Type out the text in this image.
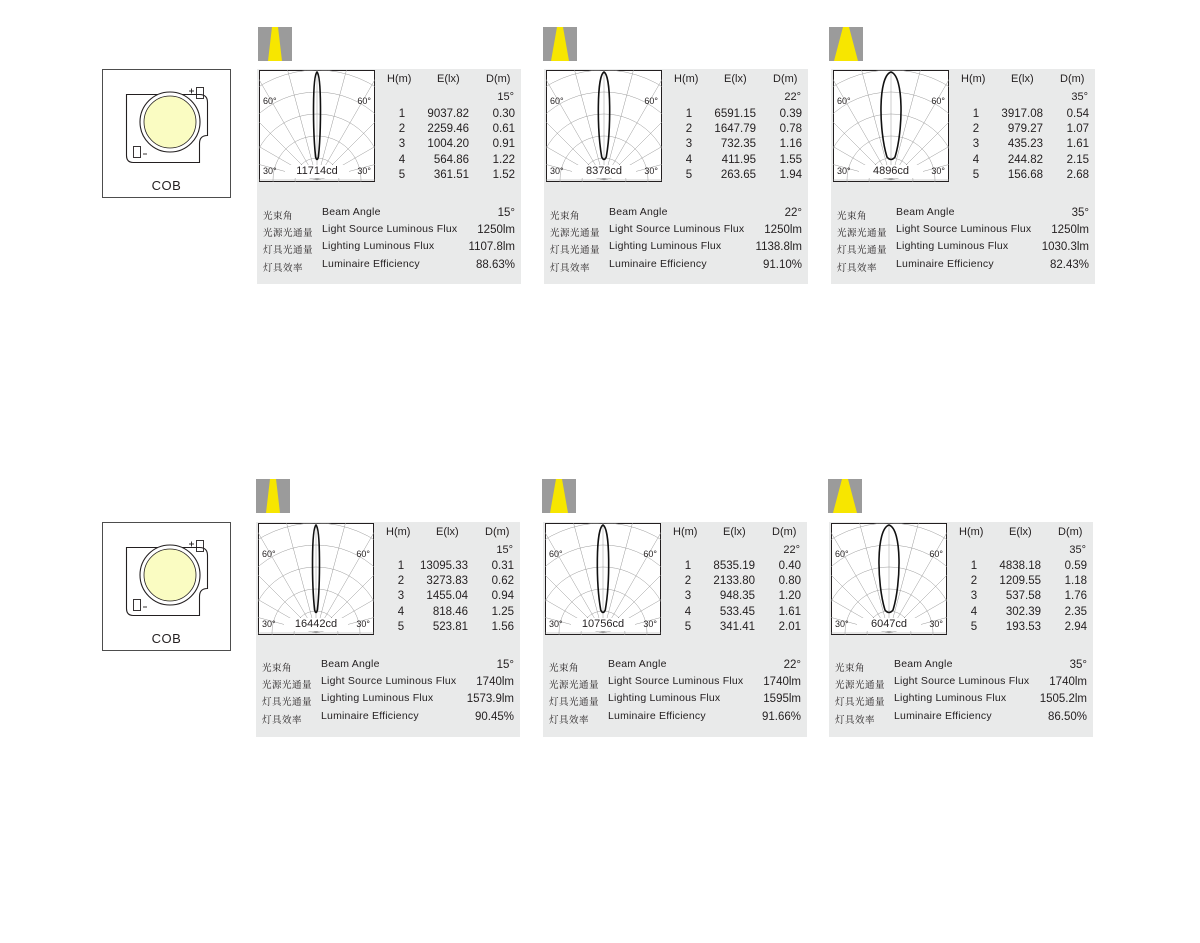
COB
60°	60°
30°	30°
11714cd
H(m) E(lx) D(m)
15°
1	9037.82	0.30
2	2259.46	0.61
3	1004.20	0.91
4	564.86	1.22
5	361.51	1.52
光束角	Beam Angle	15°
光源光通量 Light Source Luminous Flux 1250lm
灯具光通量 Lighting Luminous Flux	1107.8lm
灯具效率 Luminaire Efficiency	88.63%
60°	60°
30°	30°
8378cd
H(m) E(lx) D(m)
22°
1	6591.15	0.39
2	1647.79	0.78
3	732.35	1.16
4	411.95	1.55
5	263.65	1.94
光束角	Beam Angle	22°
光源光通量 Light Source Luminous Flux 1250lm
灯具光通量 Lighting Luminous Flux	1138.8lm
灯具效率 Luminaire Efficiency	91.10%
60°	60°
30°	30°
4896cd
H(m) E(lx) D(m)
35°
1	3917.08	0.54
2	979.27	1.07
3	435.23	1.61
4	244.82	2.15
5	156.68	2.68
光束角	Beam Angle	35°
光源光通量 Light Source Luminous Flux 1250lm
灯具光通量 Lighting Luminous Flux	1030.3lm
灯具效率 Luminaire Efficiency	82.43%
COB
60°	60°
30°	30°
16442cd
H(m) E(lx) D(m)
15°
1	13095.33	0.31
2	3273.83	0.62
3	1455.04	0.94
4	818.46	1.25
5	523.81	1.56
光束角	Beam Angle	15°
光源光通量 Light Source Luminous Flux 1740lm
灯具光通量 Lighting Luminous Flux	1573.9lm
灯具效率 Luminaire Efficiency	90.45%
60°	60°
30°	30°
10756cd
H(m) E(lx) D(m)
22°
1	8535.19	0.40
2	2133.80	0.80
3	948.35	1.20
4	533.45	1.61
5	341.41	2.01
光束角	Beam Angle	22°
光源光通量 Light Source Luminous Flux 1740lm
灯具光通量 Lighting Luminous Flux	1595lm
灯具效率 Luminaire Efficiency	91.66%
60°	60°
30°	30°
6047cd
H(m) E(lx) D(m)
35°
1	4838.18	0.59
2	1209.55	1.18
3	537.58	1.76
4	302.39	2.35
5	193.53	2.94
光束角	Beam Angle	35°
光源光通量 Light Source Luminous Flux 1740lm
灯具光通量 Lighting Luminous Flux	1505.2lm
灯具效率 Luminaire Efficiency	86.50%
